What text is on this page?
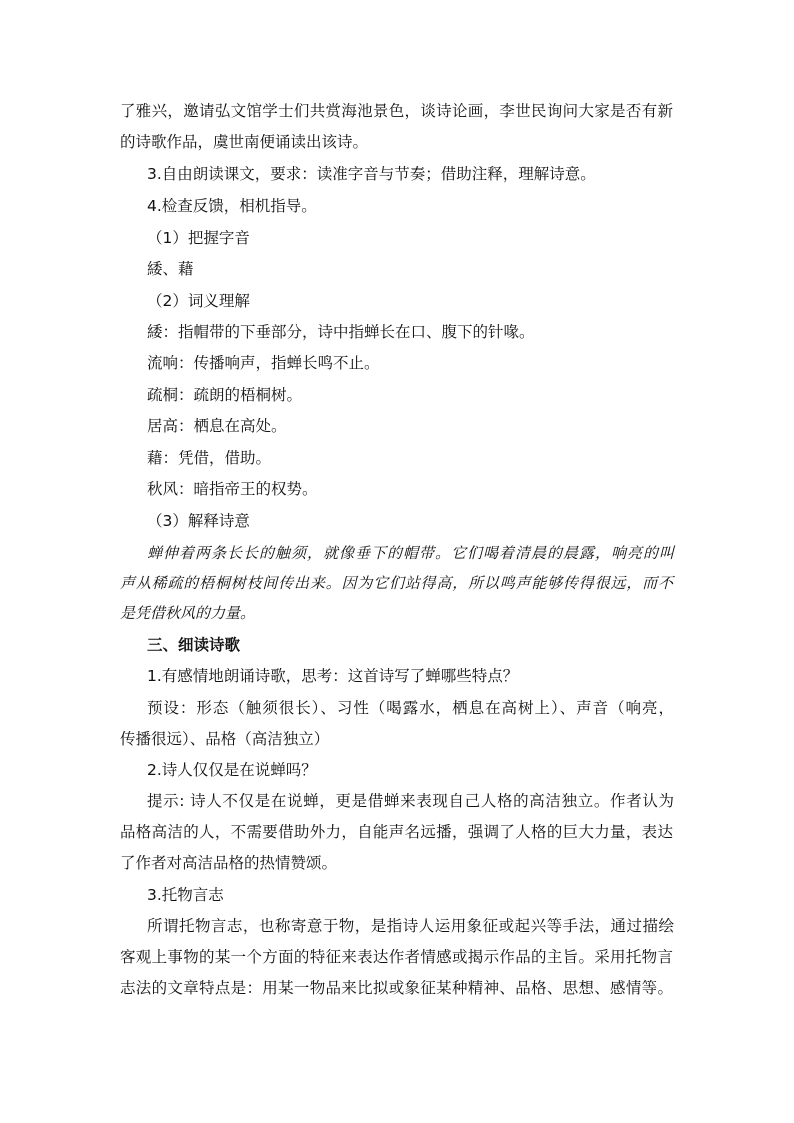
了雅兴，邀请弘文馆学士们共赏海池景色，谈诗论画，李世民询问大家是否有新
的诗歌作品，虞世南便诵读出该诗。
3.自由朗读课文，要求：读准字音与节奏；借助注释，理解诗意。
4.检查反馈，相机指导。
（1）把握字音
緌、藉
（2）词义理解
緌：指帽带的下垂部分，诗中指蝉长在口、腹下的针喙。
流响：传播响声，指蝉长鸣不止。
疏桐：疏朗的梧桐树。
居高：栖息在高处。
藉：凭借，借助。
秋风：暗指帝王的权势。
（3）解释诗意
蝉伸着两条长长的触须，就像垂下的帽带。它们喝着清晨的晨露，响亮的叫
声从稀疏的梧桐树枝间传出来。因为它们站得高，所以鸣声能够传得很远，而不
是凭借秋风的力量。
三、细读诗歌
1.有感情地朗诵诗歌，思考：这首诗写了蝉哪些特点？
预设：形态（触须很长）、习性（喝露水，栖息在高树上）、声音（响亮，
传播很远）、品格（高洁独立）
2.诗人仅仅是在说蝉吗？
提示: 诗人不仅是在说蝉，更是借蝉来表现自己人格的高洁独立。作者认为
品格高洁的人，不需要借助外力，自能声名远播，强调了人格的巨大力量，表达
了作者对高洁品格的热情赞颂。
3.托物言志
所谓托物言志，也称寄意于物，是指诗人运用象征或起兴等手法，通过描绘
客观上事物的某一个方面的特征来表达作者情感或揭示作品的主旨。采用托物言
志法的文章特点是：用某一物品来比拟或象征某种精神、品格、思想、感情等。
